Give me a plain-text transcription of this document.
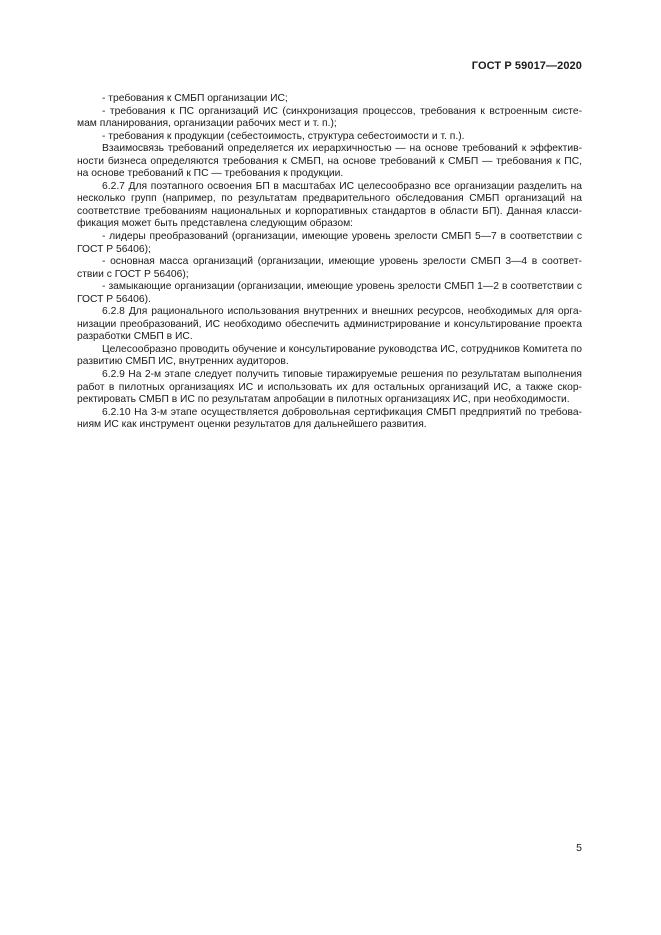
ГОСТ Р 59017—2020

- требования к СМБП организации ИС;

- требования к ПС организаций ИС (синхронизация процессов, требования к встроенным систе-мам планирования, организации рабочих мест и т. п.);

- требования к продукции (себестоимость, структура себестоимости и т. п.).

Взаимосвязь требований определяется их иерархичностью — на основе требований к эффектив-ности бизнеса определяются требования к СМБП, на основе требований к СМБП — требования к ПС, на основе требований к ПС — требования к продукции.

6.2.7 Для поэтапного освоения БП в масштабах ИС целесообразно все организации разделить на несколько групп (например, по результатам предварительного обследования СМБП организаций на соответствие требованиям национальных и корпоративных стандартов в области БП). Данная класси-фикация может быть представлена следующим образом:

- лидеры преобразований (организации, имеющие уровень зрелости СМБП 5—7 в соответствии с ГОСТ Р 56406);

- основная масса организаций (организации, имеющие уровень зрелости СМБП 3—4 в соответ-ствии с ГОСТ Р 56406);

- замыкающие организации (организации, имеющие уровень зрелости СМБП 1—2 в соответствии с ГОСТ Р 56406).

6.2.8 Для рационального использования внутренних и внешних ресурсов, необходимых для орга-низации преобразований, ИС необходимо обеспечить администрирование и консультирование проекта разработки СМБП в ИС.

Целесообразно проводить обучение и консультирование руководства ИС, сотрудников Комитета по развитию СМБП ИС, внутренних аудиторов.

6.2.9 На 2-м этапе следует получить типовые тиражируемые решения по результатам выполнения работ в пилотных организациях ИС и использовать их для остальных организаций ИС, а также скор-ректировать СМБП в ИС по результатам апробации в пилотных организациях ИС, при необходимости.

6.2.10 На 3-м этапе осуществляется добровольная сертификация СМБП предприятий по требова-ниям ИС как инструмент оценки результатов для дальнейшего развития.

5
